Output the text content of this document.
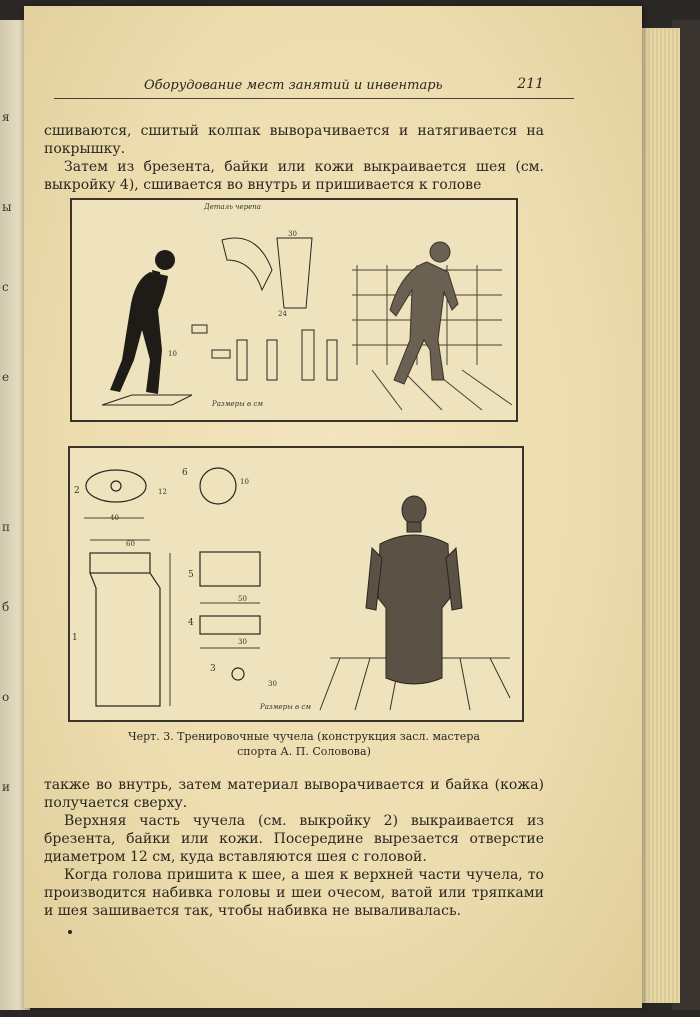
я
ы
с
е
п
б
о
и
Оборудование мест занятий и инвентарь	211

сшиваются, сшитый колпак выворачивается и натягивается на покрышку.

Затем из брезента, байки или кожи выкраивается шея (см. выкройку 4), сшивается во внутрь и пришивается к голове

Деталь черепа
Размеры в см
30
24
10
Размеры в см
1
2
3
4
5
6
60
40
50
30
30
12
10
Черт. 3. Тренировочные чучела (конструкция засл. мастера
спорта А. П. Соловова)

также во внутрь, затем материал выворачивается и байка (кожа) получается сверху.

Верхняя часть чучела (см. выкройку 2) выкраивается из брезента, байки или кожи. Посередине вырезается отверстие диаметром 12 см, куда вставляются шея с головой.

Когда голова пришита к шее, а шея к верхней части чучела, то производится набивка головы и шеи очесом, ватой или тряпками и шея зашивается так, чтобы набивка не вываливалась.
